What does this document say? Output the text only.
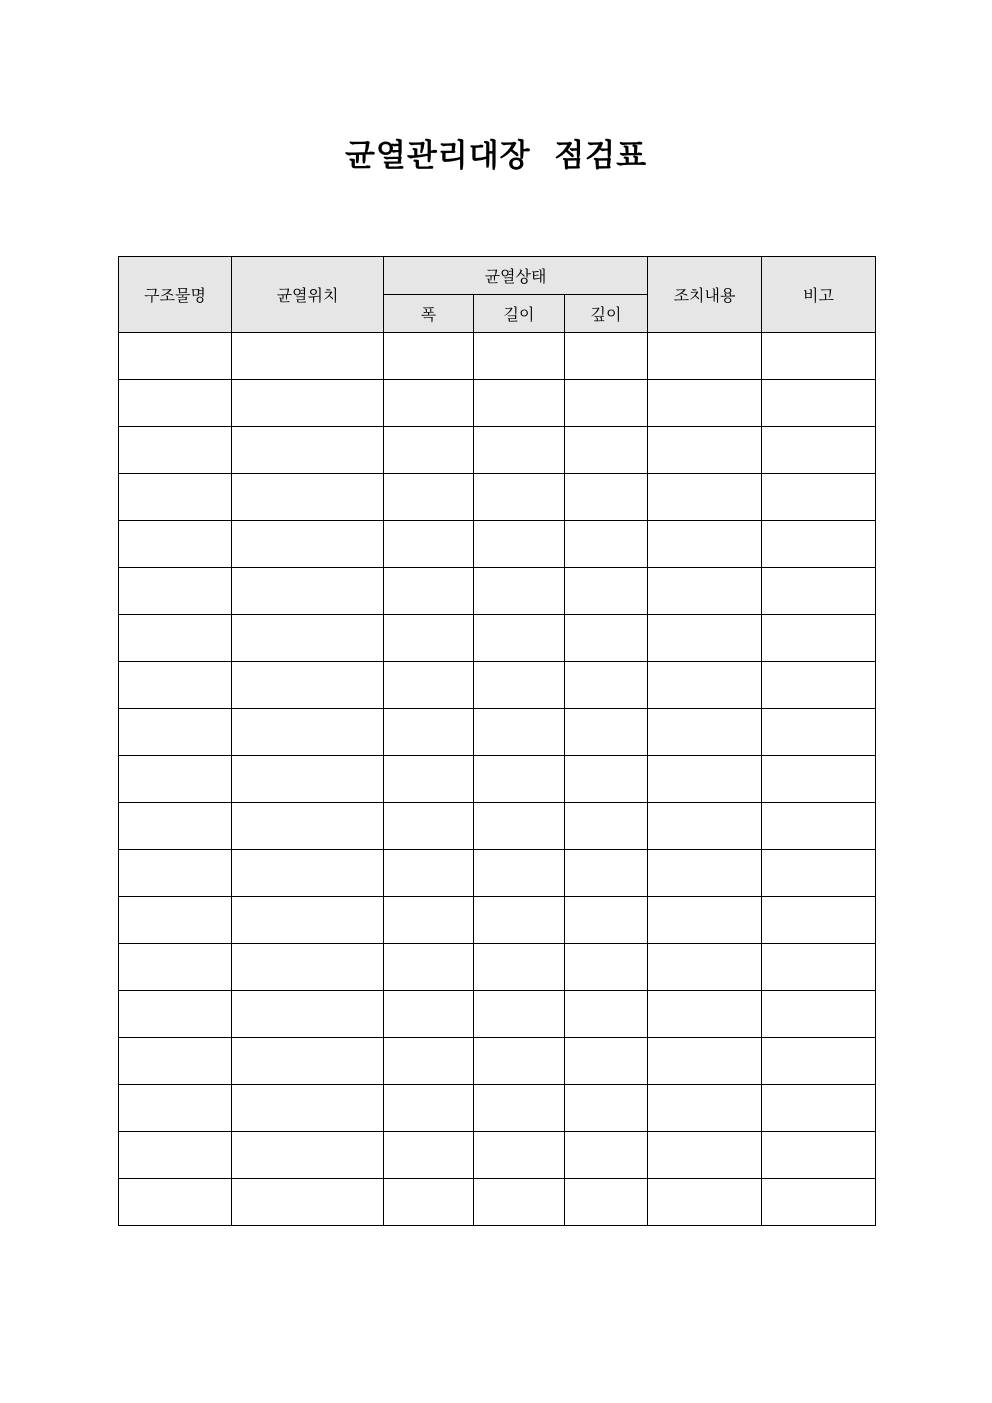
균열관리대장  점검표
구조물명	균열위치	균열상태			조치내용	비고
		폭	길이	깊이		
